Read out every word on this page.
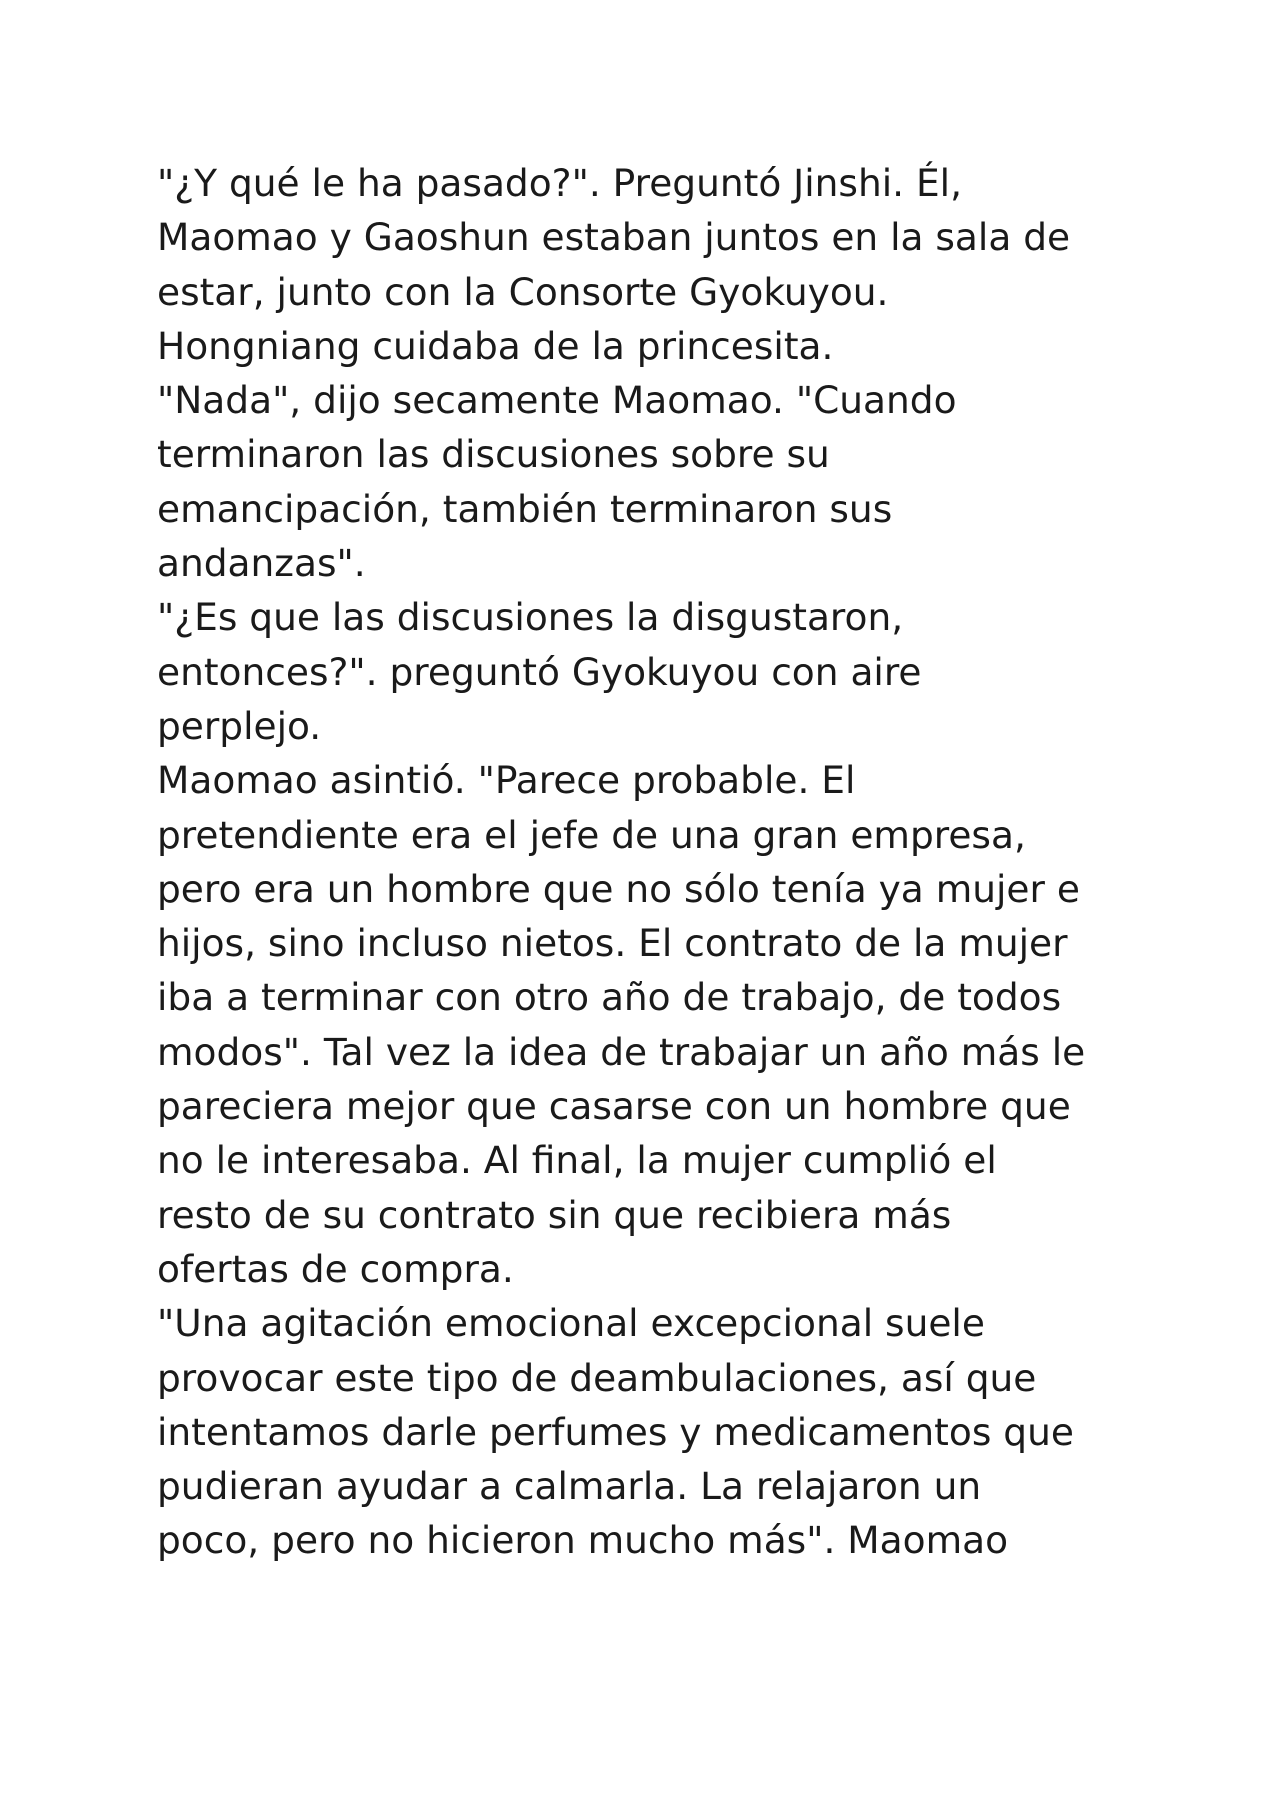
"¿Y qué le ha pasado?". Preguntó Jinshi. Él,
Maomao y Gaoshun estaban juntos en la sala de
estar, junto con la Consorte Gyokuyou.
Hongniang cuidaba de la princesita.
"Nada", dijo secamente Maomao. "Cuando
terminaron las discusiones sobre su
emancipación, también terminaron sus
andanzas".
"¿Es que las discusiones la disgustaron,
entonces?". preguntó Gyokuyou con aire
perplejo.
Maomao asintió. "Parece probable. El
pretendiente era el jefe de una gran empresa,
pero era un hombre que no sólo tenía ya mujer e
hijos, sino incluso nietos. El contrato de la mujer
iba a terminar con otro año de trabajo, de todos
modos". Tal vez la idea de trabajar un año más le
pareciera mejor que casarse con un hombre que
no le interesaba. Al final, la mujer cumplió el
resto de su contrato sin que recibiera más
ofertas de compra.
"Una agitación emocional excepcional suele
provocar este tipo de deambulaciones, así que
intentamos darle perfumes y medicamentos que
pudieran ayudar a calmarla. La relajaron un
poco, pero no hicieron mucho más". Maomao
